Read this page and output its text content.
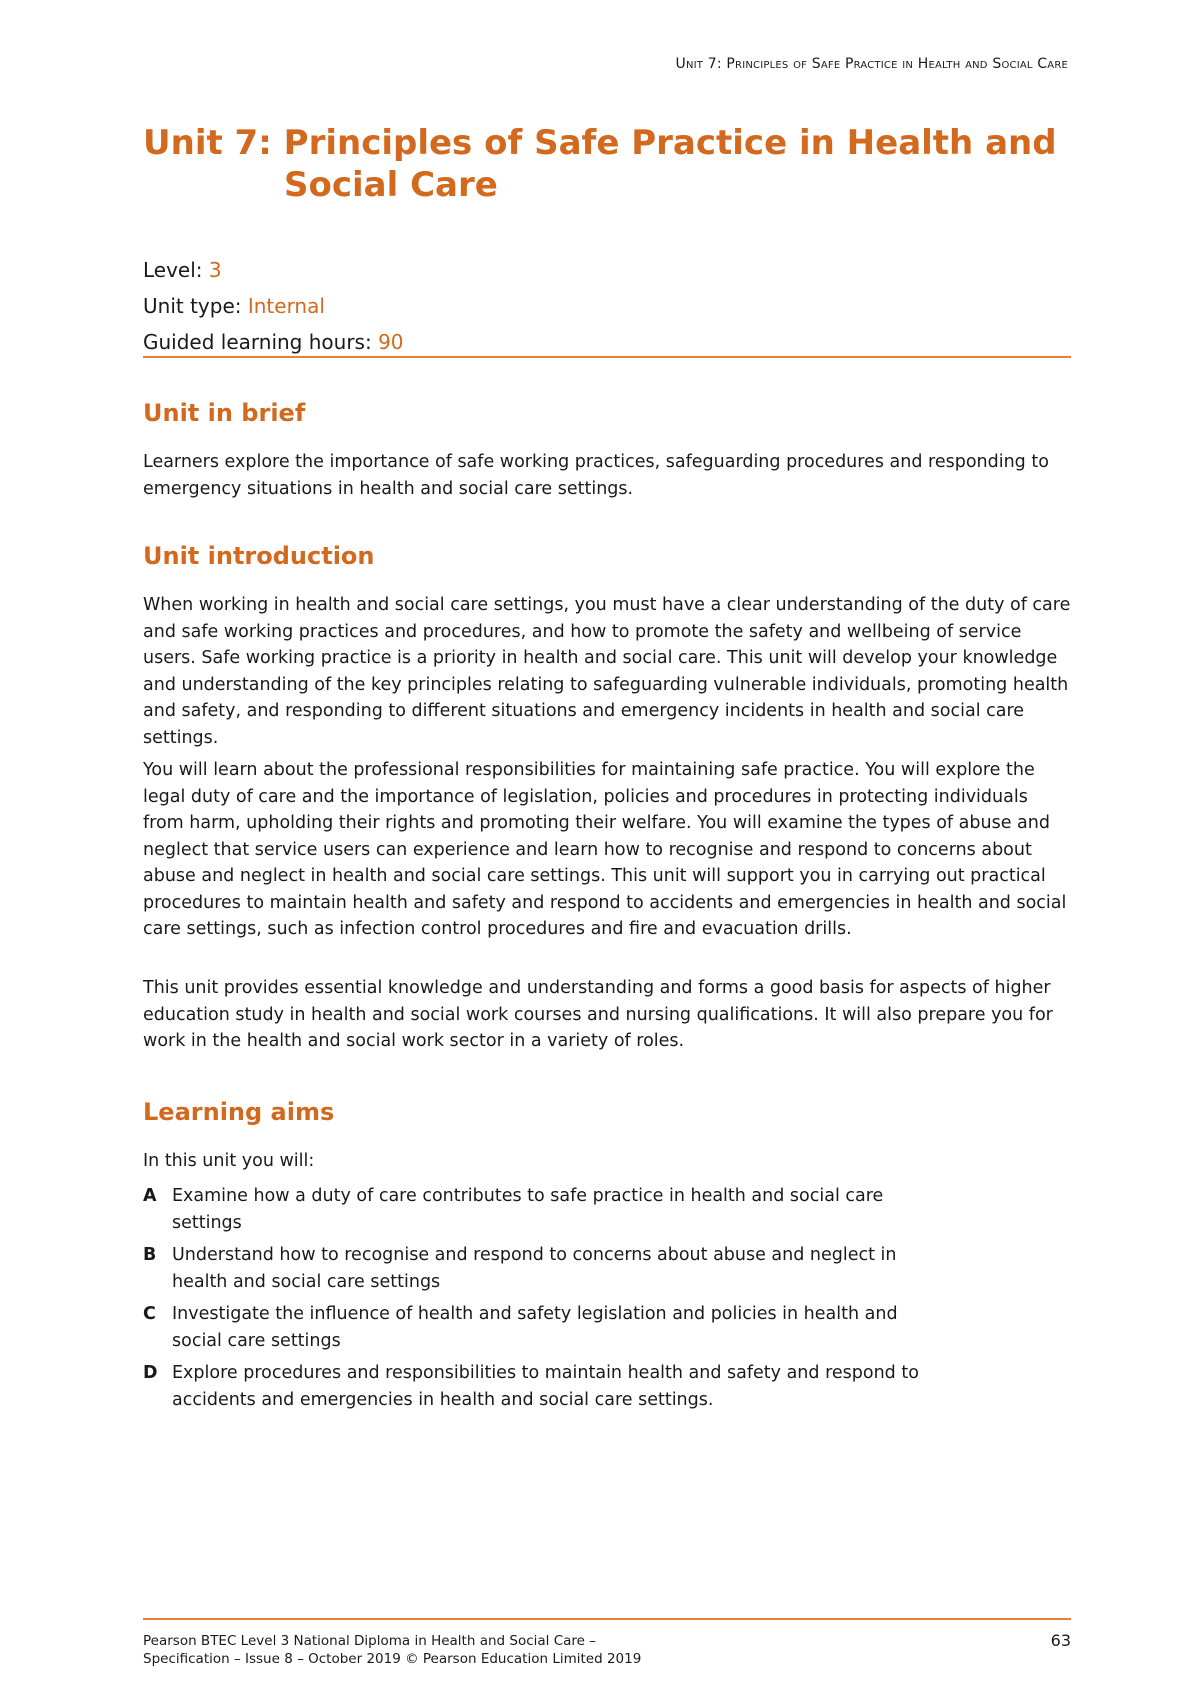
Unit 7: Principles of Safe Practice in Health and Social Care
Unit 7: Principles of Safe Practice in Health and
Social Care
Level: 3
Unit type: Internal
Guided learning hours: 90
Unit in brief

Learners explore the importance of safe working practices, safeguarding procedures and responding to emergency situations in health and social care settings.

Unit introduction

When working in health and social care settings, you must have a clear understanding of the duty of care and safe working practices and procedures, and how to promote the safety and wellbeing of service users. Safe working practice is a priority in health and social care. This unit will develop your knowledge and understanding of the key principles relating to safeguarding vulnerable individuals, promoting health and safety, and responding to different situations and emergency incidents in health and social care settings.

You will learn about the professional responsibilities for maintaining safe practice. You will explore the legal duty of care and the importance of legislation, policies and procedures in protecting individuals from harm, upholding their rights and promoting their welfare. You will examine the types of abuse and neglect that service users can experience and learn how to recognise and respond to concerns about abuse and neglect in health and social care settings. This unit will support you in carrying out practical procedures to maintain health and safety and respond to accidents and emergencies in health and social care settings, such as infection control procedures and fire and evacuation drills.

This unit provides essential knowledge and understanding and forms a good basis for aspects of higher education study in health and social work courses and nursing qualifications. It will also prepare you for work in the health and social work sector in a variety of roles.

Learning aims

In this unit you will:

A Examine how a duty of care contributes to safe practice in health and social care settings
B Understand how to recognise and respond to concerns about abuse and neglect in health and social care settings
C Investigate the influence of health and safety legislation and policies in health and social care settings
D Explore procedures and responsibilities to maintain health and safety and respond to accidents and emergencies in health and social care settings.
Pearson BTEC Level 3 National Diploma in Health and Social Care –
Specification – Issue 8 – October 2019 © Pearson Education Limited 2019
63
